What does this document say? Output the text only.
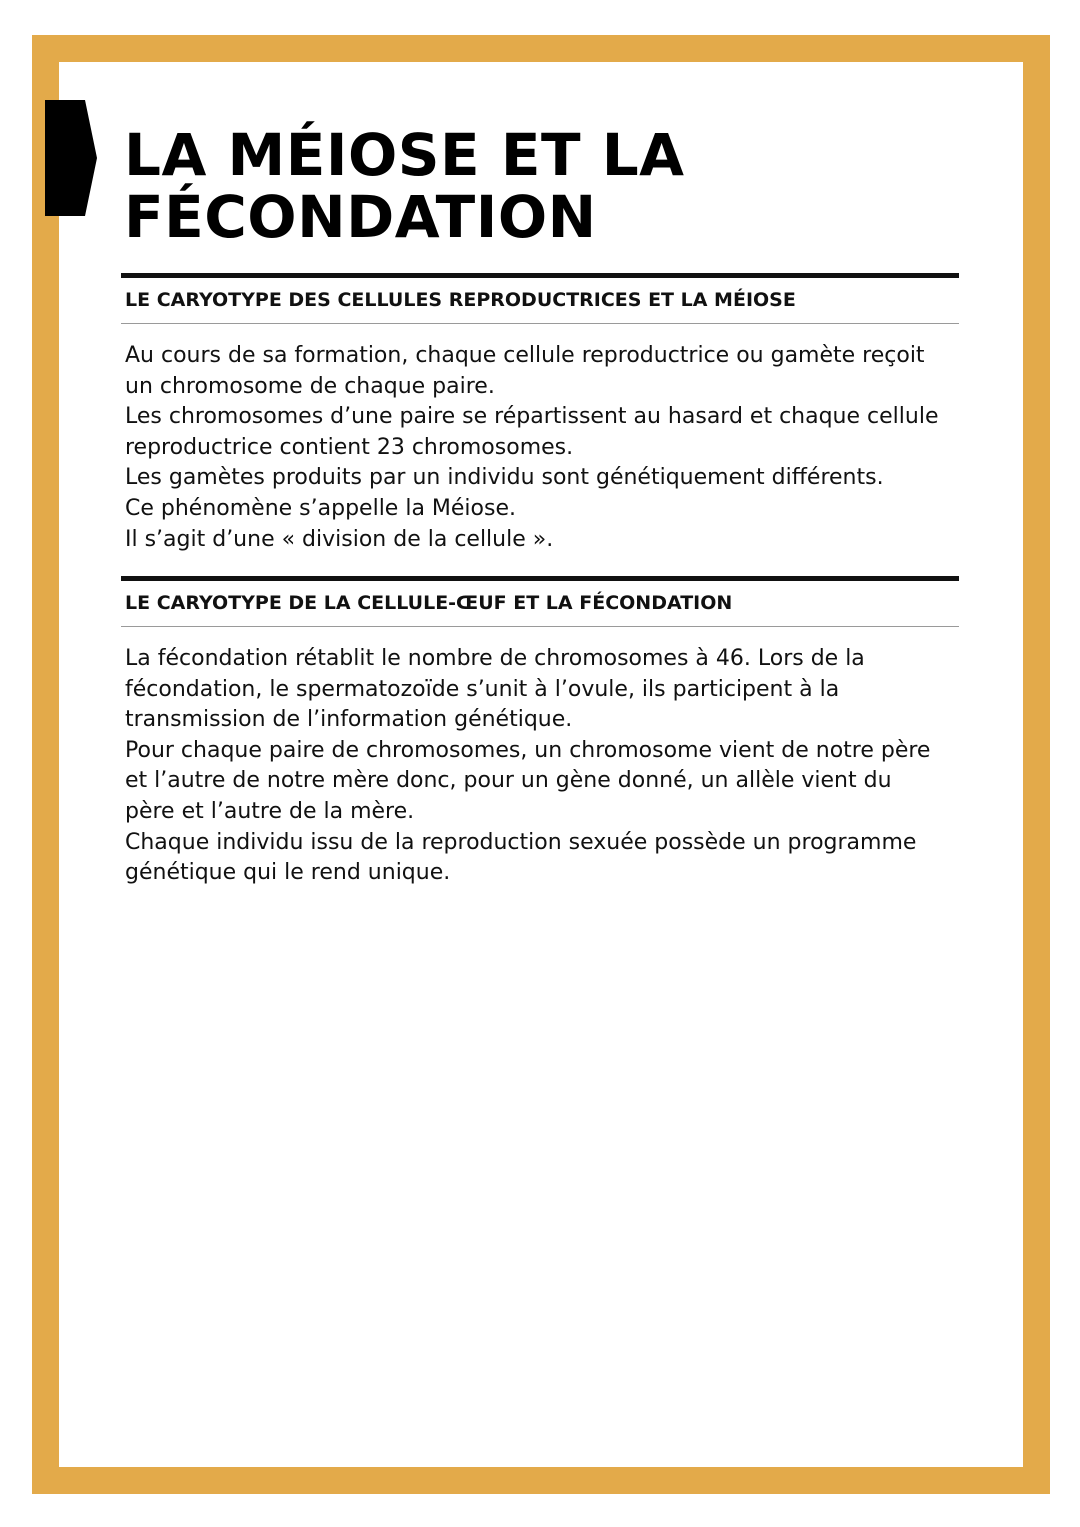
LA MÉIOSE ET LA
FÉCONDATION
LE CARYOTYPE DES CELLULES REPRODUCTRICES ET LA MÉIOSE
Au cours de sa formation, chaque cellule reproductrice ou gamète reçoit
un chromosome de chaque paire.
Les chromosomes d’une paire se répartissent au hasard et chaque cellule
reproductrice contient 23 chromosomes.
Les gamètes produits par un individu sont génétiquement différents.
Ce phénomène s’appelle la Méiose.
Il s’agit d’une « division de la cellule ».
LE CARYOTYPE DE LA CELLULE-ŒUF ET LA FÉCONDATION
La fécondation rétablit le nombre de chromosomes à 46. Lors de la
fécondation, le spermatozoïde s’unit à l’ovule, ils participent à la
transmission de l’information génétique.
Pour chaque paire de chromosomes, un chromosome vient de notre père
et l’autre de notre mère donc, pour un gène donné, un allèle vient du
père et l’autre de la mère.
Chaque individu issu de la reproduction sexuée possède un programme
génétique qui le rend unique.
